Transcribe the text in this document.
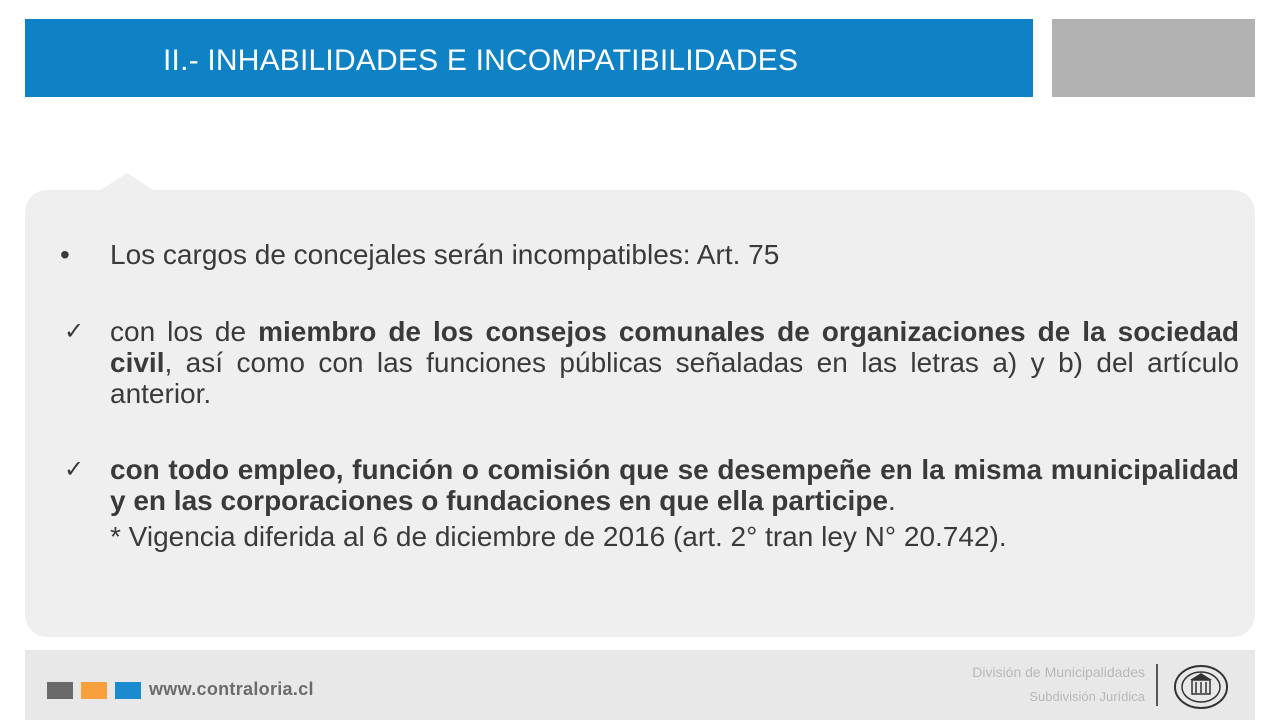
II.- INHABILIDADES E INCOMPATIBILIDADES
• Los cargos de concejales serán incompatibles: Art. 75
✓ con los de miembro de los consejos comunales de organizaciones de la sociedad civil, así como con las funciones públicas señaladas en las letras a) y b) del artículo anterior.
✓ con todo empleo, función o comisión que se desempeñe en la misma municipalidad y en las corporaciones o fundaciones en que ella participe.
* Vigencia diferida al 6 de diciembre de 2016 (art. 2° tran ley N° 20.742).
www.contraloria.cl
División de Municipalidades
Subdivisión Jurídica
